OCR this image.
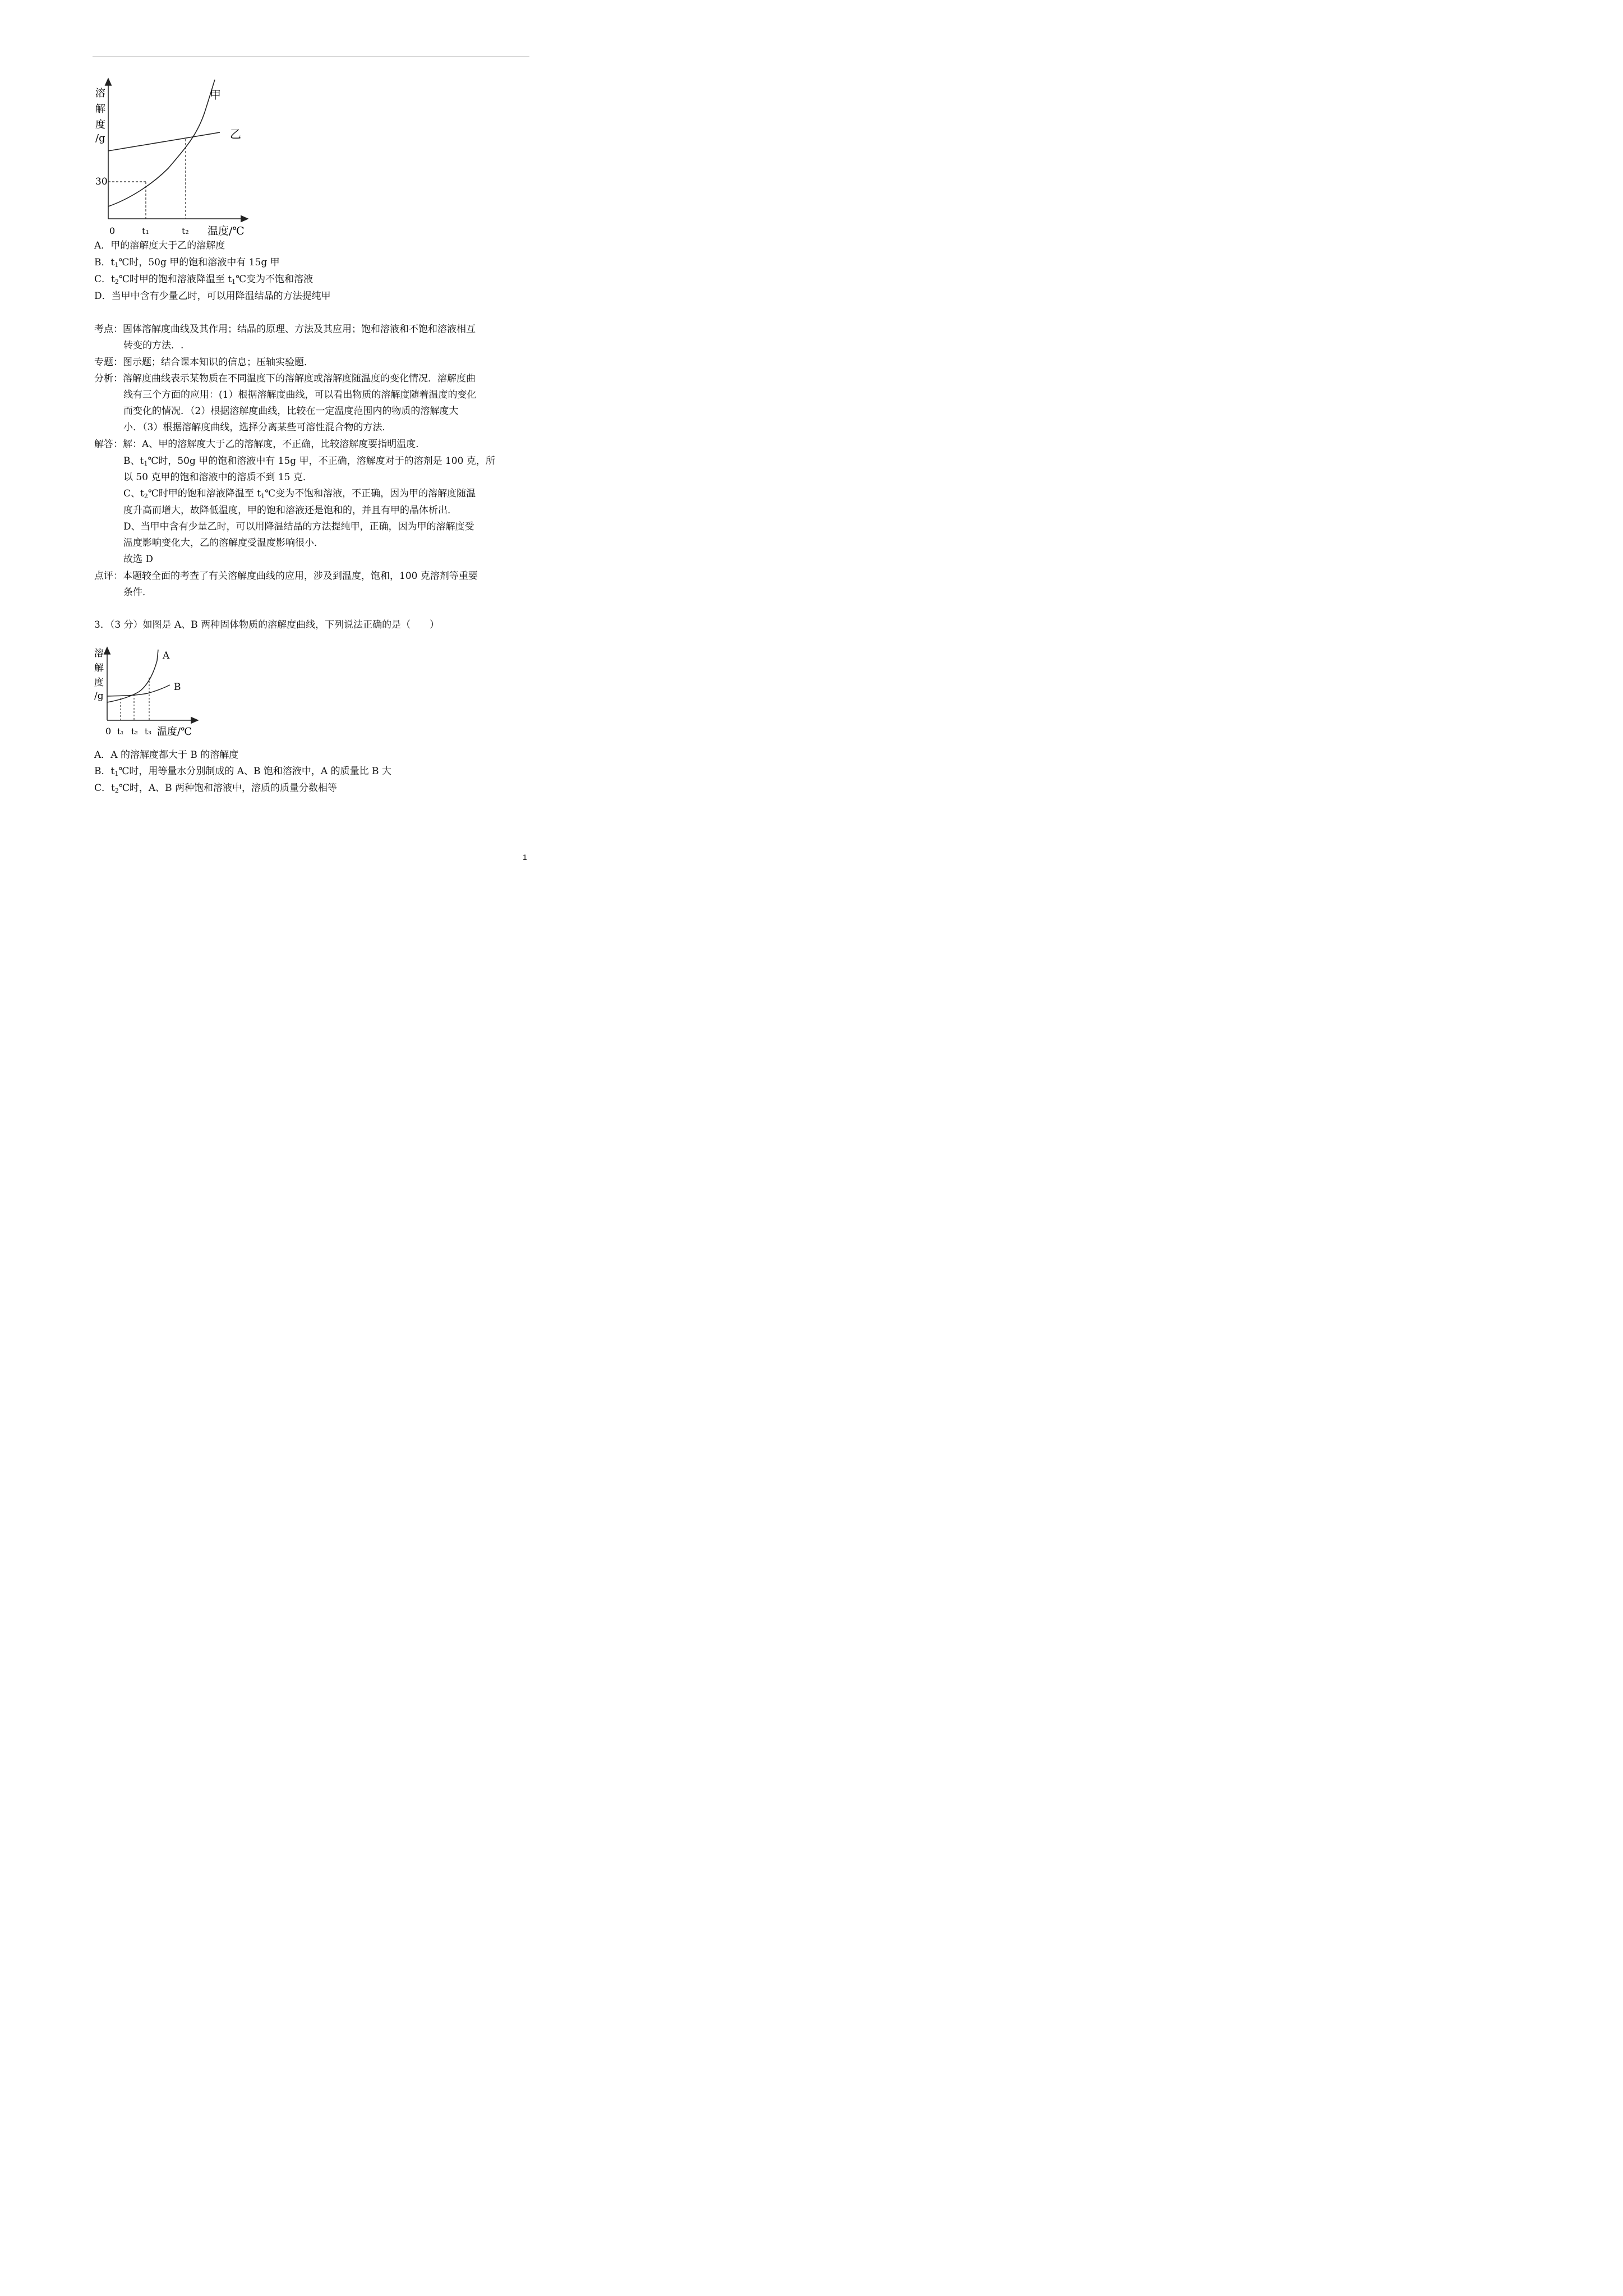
溶
解
度
/g
30
甲
乙
0	t₁	t₂ 温度/℃
A．甲的溶解度大于乙的溶解度
B．$t_1℃$时，50g 甲的饱和溶液中有 15g 甲
C．$t_2℃$时甲的饱和溶液降温至 $t_1℃$变为不饱和溶液
D．当甲中含有少量乙时，可以用降温结晶的方法提纯甲
考点：固体溶解度曲线及其作用；结晶的原理、方法及其应用；饱和溶液和不饱和溶液相互
转变的方法．.
专题：图示题；结合课本知识的信息；压轴实验题．
分析：溶解度曲线表示某物质在不同温度下的溶解度或溶解度随温度的变化情况．溶解度曲
线有三个方面的应用：(1）根据溶解度曲线，可以看出物质的溶解度随着温度的变化
而变化的情况．（2）根据溶解度曲线，比较在一定温度范围内的物质的溶解度大
小．（3）根据溶解度曲线，选择分离某些可溶性混合物的方法．
解答：解：A、甲的溶解度大于乙的溶解度，不正确，比较溶解度要指明温度．
B、$t_1℃$时，50g 甲的饱和溶液中有 15g 甲，不正确，溶解度对于的溶剂是 100 克，所
以 50 克甲的饱和溶液中的溶质不到 15 克．
C、$t_2℃$时甲的饱和溶液降温至 $t_1℃$变为不饱和溶液，不正确，因为甲的溶解度随温
度升高而增大，故降低温度，甲的饱和溶液还是饱和的，并且有甲的晶体析出．
D、当甲中含有少量乙时，可以用降温结晶的方法提纯甲，正确，因为甲的溶解度受
温度影响变化大，乙的溶解度受温度影响很小．
故选 D
点评：本题较全面的考查了有关溶解度曲线的应用，涉及到温度，饱和，100 克溶剂等重要
条件．
3．（3 分）如图是 A、B 两种固体物质的溶解度曲线，下列说法正确的是（　　）
溶
解
度
/g
A
B
0 t₁ t₂ t₃ 温度/℃
A．A 的溶解度都大于 B 的溶解度
B．$t_1℃$时，用等量水分别制成的 A、B 饱和溶液中，A 的质量比 B 大
C．$t_2℃$时，A、B 两种饱和溶液中，溶质的质量分数相等
1
